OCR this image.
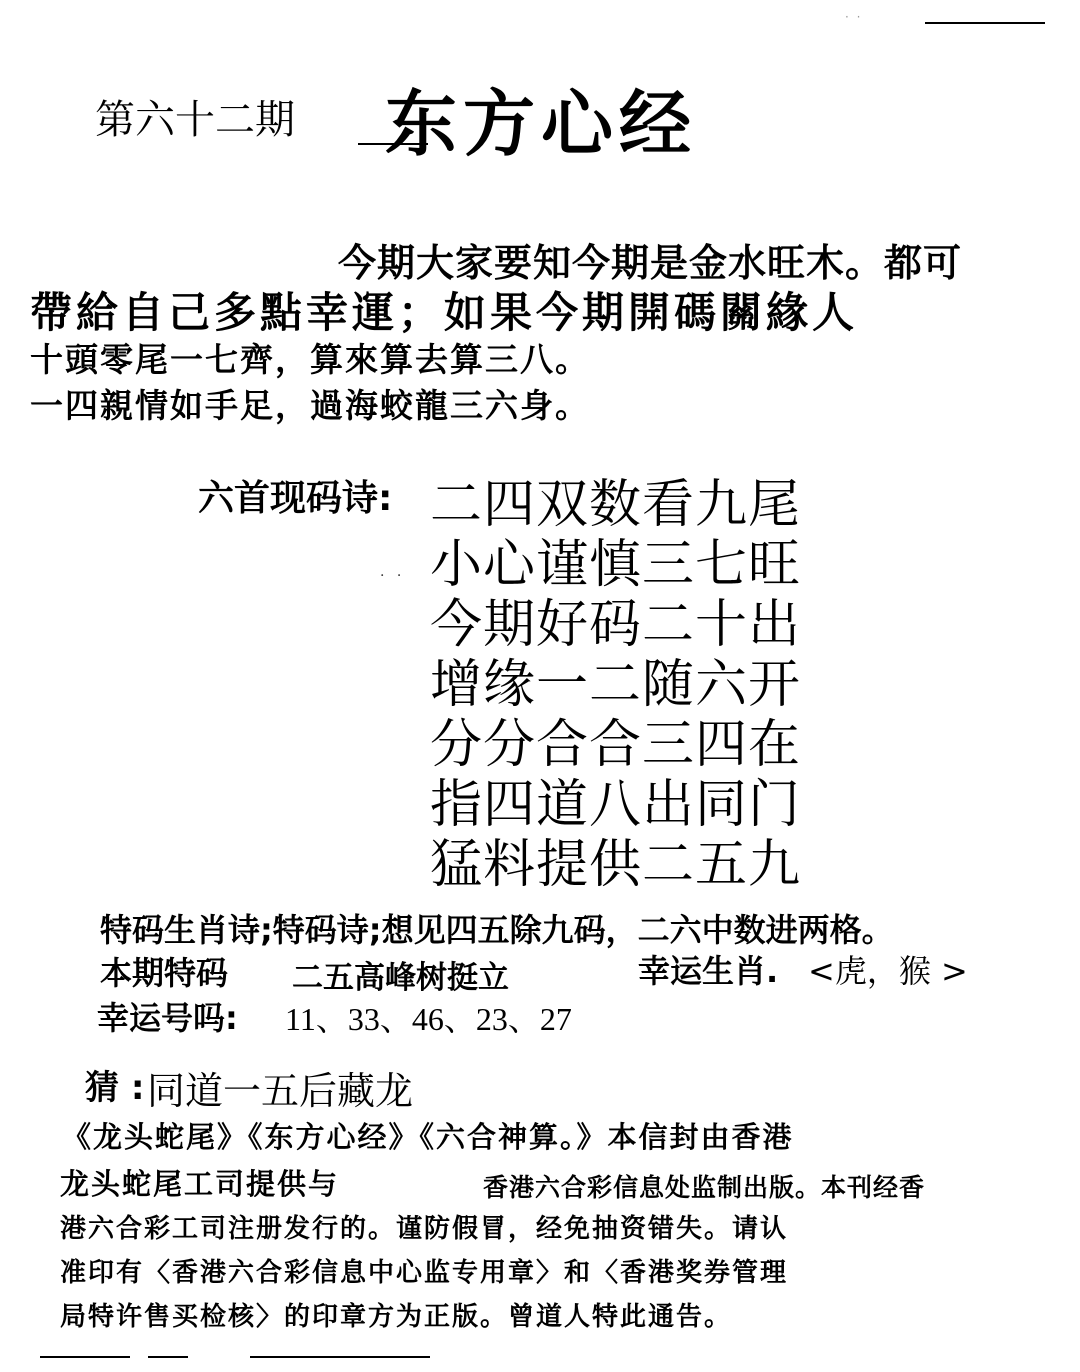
· ·
第六十二期 东方心经
今期大家要知今期是金水旺木。都可
帶給自己多點幸運；如果今期開碼關緣人
十頭零尾一七齊，算來算去算三八。
一四親情如手足，過海蛟龍三六身。
六首现码诗:
· ·
二四双数看九尾
小心谨慎三七旺
今期好码二十出
增缘一二随六开
分分合合三四在
指四道八出同门
猛料提供二五九
特码生肖诗;特码诗;想见四五除九码，二六中数进两格。
本期特码 二五高峰树挺立	幸运生肖. <虎，猴 >
幸运号吗: 11、33、46、23、27
猜 : 同道一五后藏龙
《龙头蛇尾》《东方心经》《六合神算。》本信封由香港
龙头蛇尾工司提供与	香港六合彩信息处监制出版。本刊经香
港六合彩工司注册发行的。谨防假冒，经免抽资错失。请认
准印有〈香港六合彩信息中心监专用章〉和〈香港奖券管理
局特许售买检核〉的印章方为正版。曾道人特此通告。
